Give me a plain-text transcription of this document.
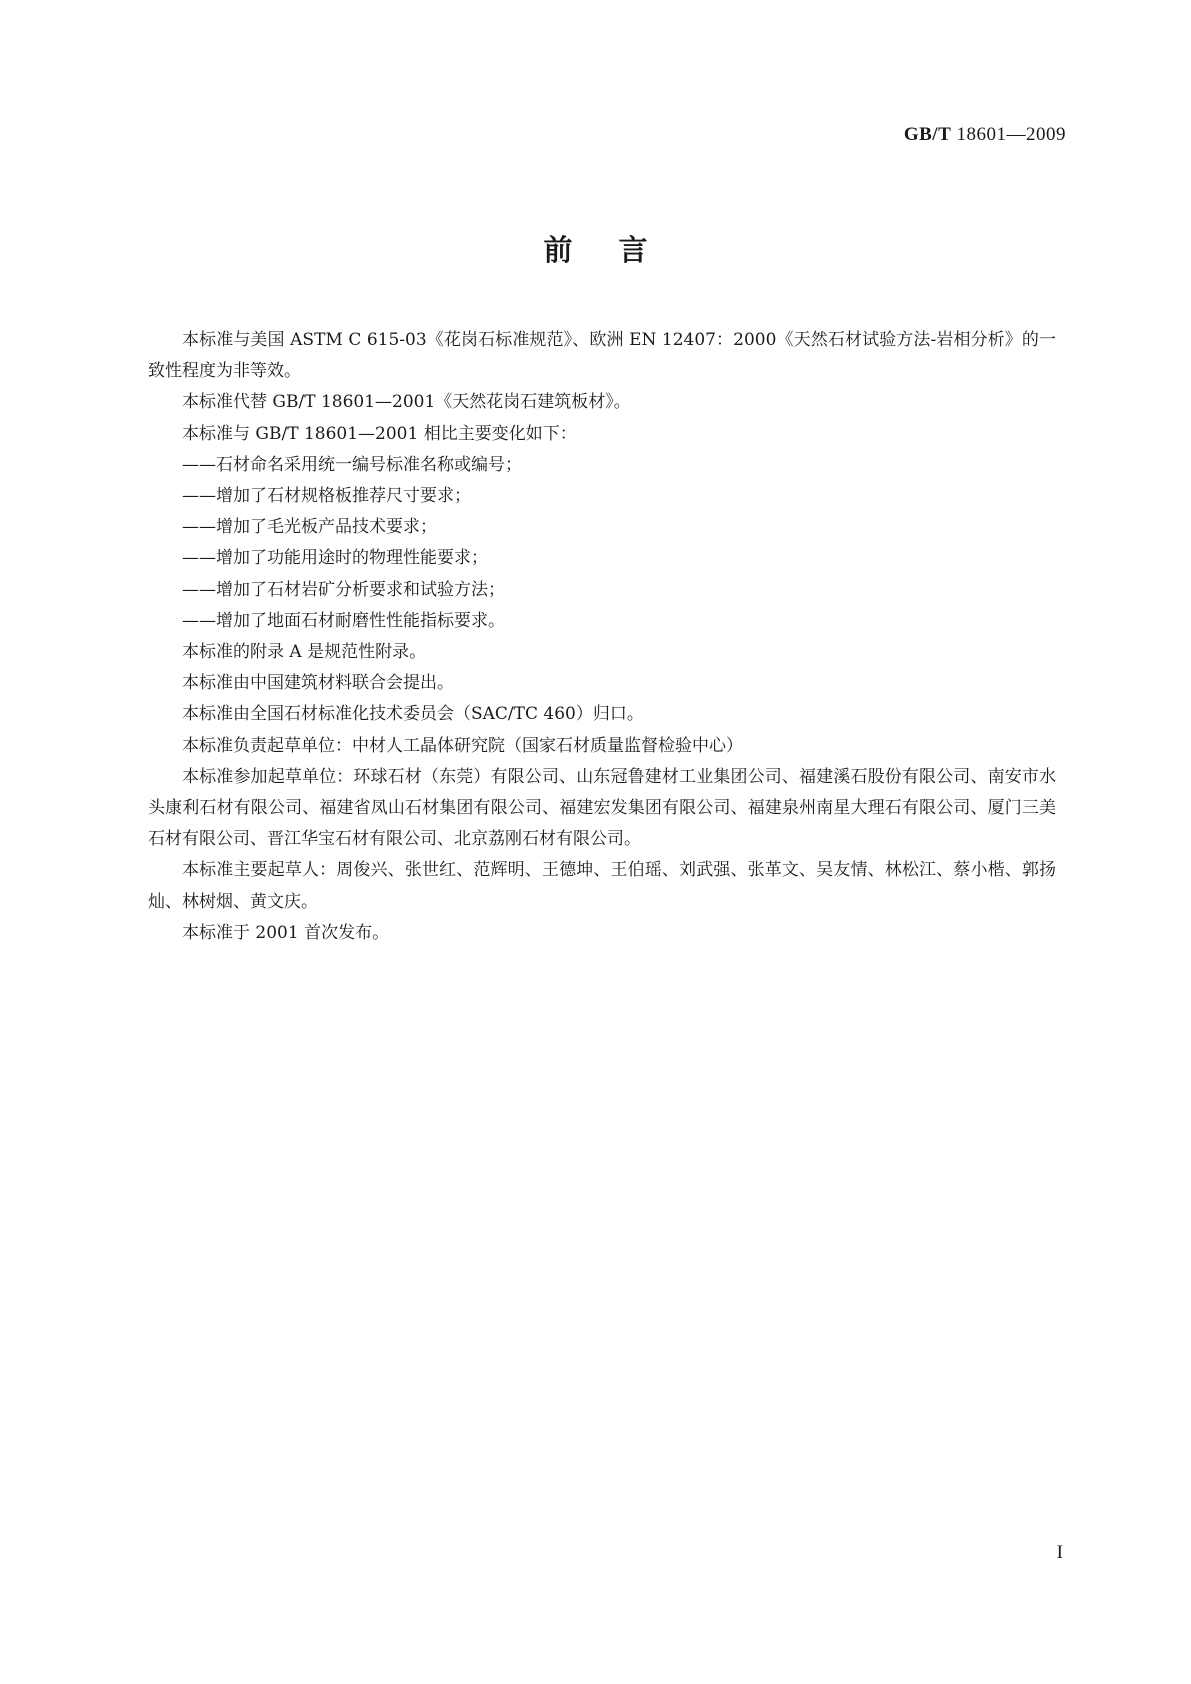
GB/T 18601—2009
前言

本标准与美国 ASTM C 615-03《花岗石标准规范》、欧洲 EN 12407：2000《天然石材试验方法-岩相分析》的一致性程度为非等效。

本标准代替 GB/T 18601—2001《天然花岗石建筑板材》。

本标准与 GB/T 18601—2001 相比主要变化如下：

——石材命名采用统一编号标准名称或编号；

——增加了石材规格板推荐尺寸要求；

——增加了毛光板产品技术要求；

——增加了功能用途时的物理性能要求；

——增加了石材岩矿分析要求和试验方法；

——增加了地面石材耐磨性性能指标要求。

本标准的附录 A 是规范性附录。

本标准由中国建筑材料联合会提出。

本标准由全国石材标准化技术委员会（SAC/TC 460）归口。

本标准负责起草单位：中材人工晶体研究院（国家石材质量监督检验中心）

本标准参加起草单位：环球石材（东莞）有限公司、山东冠鲁建材工业集团公司、福建溪石股份有限公司、南安市水头康利石材有限公司、福建省凤山石材集团有限公司、福建宏发集团有限公司、福建泉州南星大理石有限公司、厦门三美石材有限公司、晋江华宝石材有限公司、北京荔刚石材有限公司。

本标准主要起草人：周俊兴、张世红、范辉明、王德坤、王伯瑶、刘武强、张革文、吴友情、林松江、蔡小楷、郭扬灿、林树烟、黄文庆。

本标准于 2001 首次发布。

I
